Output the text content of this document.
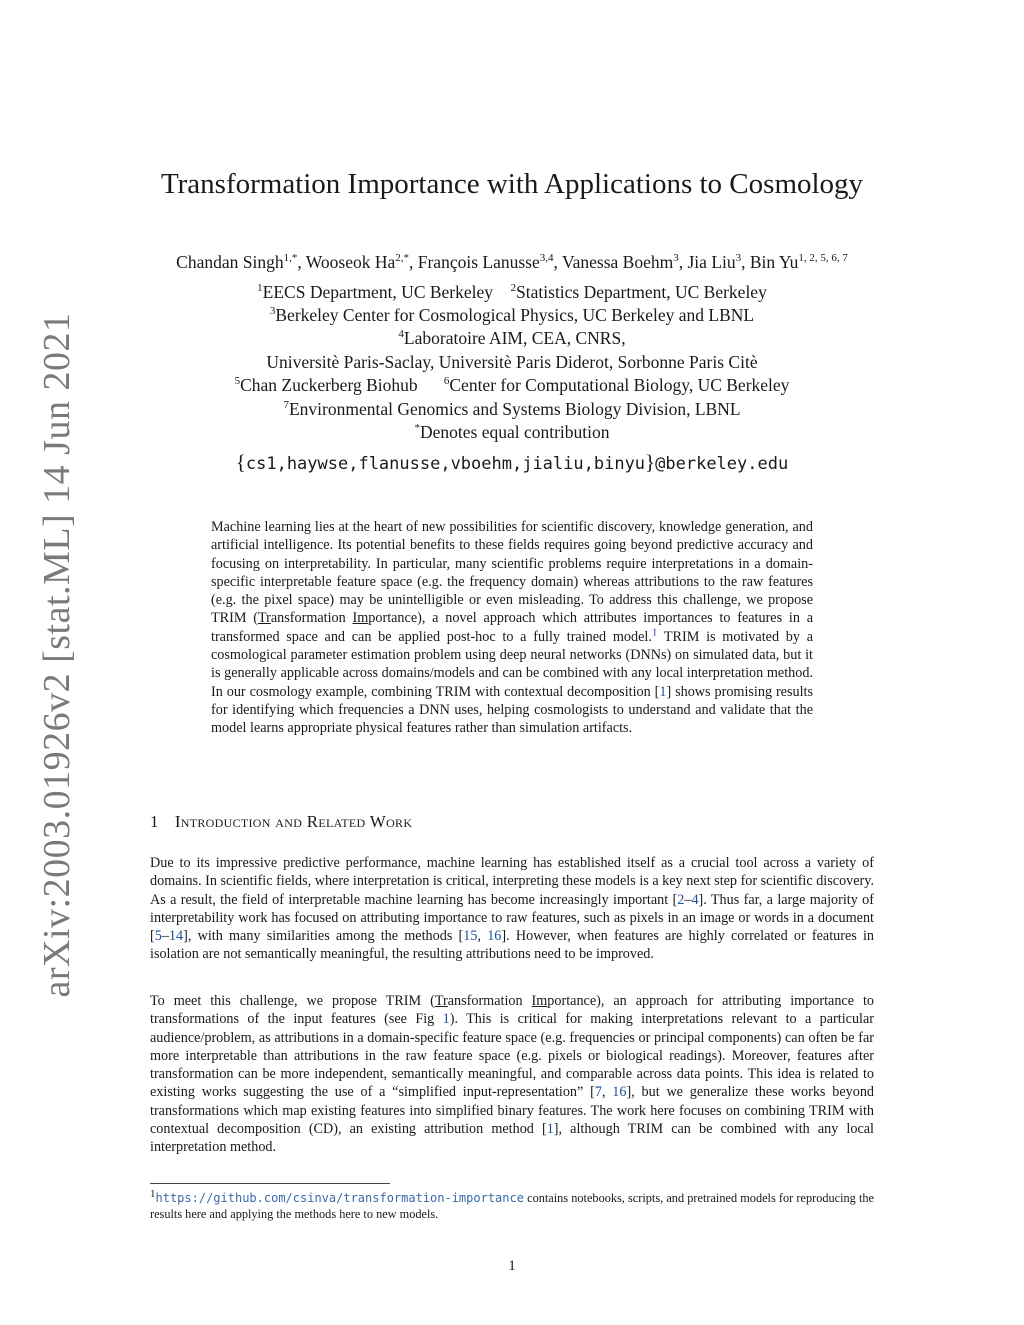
arXiv:2003.01926v2 [stat.ML] 14 Jun 2021
Transformation Importance with Applications to Cosmology
Chandan Singh$^{1,*}$, Wooseok $Ha^{2,*}$, François Lanusse$^{3,4}$, Vanessa Boehm$^3$, Jia Liu$^3$, Bin Yu$^{1, 2, 5, 6, 7}$
$^1$EECS Department, UC Berkeley $^2$Statistics Department, UC Berkeley
$^3$Berkeley Center for Cosmological Physics, UC Berkeley and LBNL
$^4$Laboratoire AIM, CEA, CNRS,
Universitè Paris-Saclay, Universitè Paris Diderot, Sorbonne Paris Citè
$^5$Chan Zuckerberg Biohub $^6$Center for Computational Biology, UC Berkeley
$^7$Environmental Genomics and Systems Biology Division, LBNL
*Denotes equal contribution
{cs1,haywse,flanusse,vboehm,jialiu,binyu}@berkeley.edu

Machine learning lies at the heart of new possibilities for scientific discovery, knowledge generation, and artificial intelligence. Its potential benefits to these fields requires going beyond predictive accuracy and focusing on interpretability. In particular, many scientific problems require interpretations in a domain-specific interpretable feature space (e.g. the frequency domain) whereas attributions to the raw features (e.g. the pixel space) may be unintelligible or even misleading. To address this challenge, we propose TRIM (Transformation Importance), a novel approach which attributes importances to features in a transformed space and can be applied post-hoc to a fully trained model.$^1$ TRIM is motivated by a cosmological parameter estimation problem using deep neural networks (DNNs) on simulated data, but it is generally applicable across domains/models and can be combined with any local interpretation method. In our cosmology example, combining TRIM with contextual decomposition [1] shows promising results for identifying which frequencies a DNN uses, helping cosmologists to understand and validate that the model learns appropriate physical features rather than simulation artifacts.

1 Introduction and Related Work

Due to its impressive predictive performance, machine learning has established itself as a crucial tool across a variety of domains. In scientific fields, where interpretation is critical, interpreting these models is a key next step for scientific discovery. As a result, the field of interpretable machine learning has become increasingly important [2–4]. Thus far, a large majority of interpretability work has focused on attributing importance to raw features, such as pixels in an image or words in a document [5–14], with many similarities among the methods [15, 16]. However, when features are highly correlated or features in isolation are not semantically meaningful, the resulting attributions need to be improved.

To meet this challenge, we propose TRIM (Transformation Importance), an approach for attributing importance to transformations of the input features (see Fig 1). This is critical for making interpretations relevant to a particular audience/problem, as attributions in a domain-specific feature space (e.g. frequencies or principal components) can often be far more interpretable than attributions in the raw feature space (e.g. pixels or biological readings). Moreover, features after transformation can be more independent, semantically meaningful, and comparable across data points. This idea is related to existing works suggesting the use of a “simplified input-representation” [7, 16], but we generalize these works beyond transformations which map existing features into simplified binary features. The work here focuses on combining TRIM with contextual decomposition (CD), an existing attribution method [1], although TRIM can be combined with any local interpretation method.

$^1$https://github.com/csinva/transformation-importance contains notebooks, scripts, and pretrained models for reproducing the results here and applying the methods here to new models.
1
